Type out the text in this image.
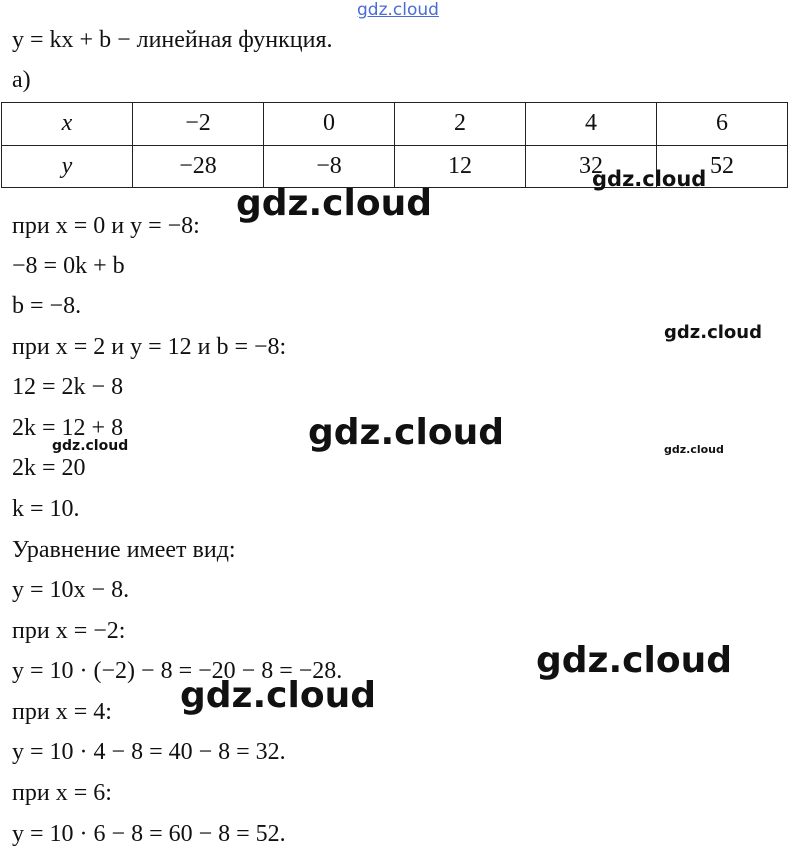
gdz.cloud
y = kx + b − линейная функция.
а)
x	−2	0	2	4	6
y	−28	−8	12	32	52
при x = 0 и y = −8:
−8 = 0k + b
b = −8.
при x = 2 и y = 12 и b = −8:
12 = 2k − 8
2k = 12 + 8
2k = 20
k = 10.
Уравнение имеет вид:
y = 10x − 8.
при x = −2:
y = 10 · (−2) − 8 = −20 − 8 = −28.
при x = 4:
y = 10 · 4 − 8 = 40 − 8 = 32.
при x = 6:
y = 10 · 6 − 8 = 60 − 8 = 52.
gdz.cloud
gdz.cloud
gdz.cloud
gdz.cloud
gdz.cloud	gdz.cloud
gdz.cloud
gdz.cloud
